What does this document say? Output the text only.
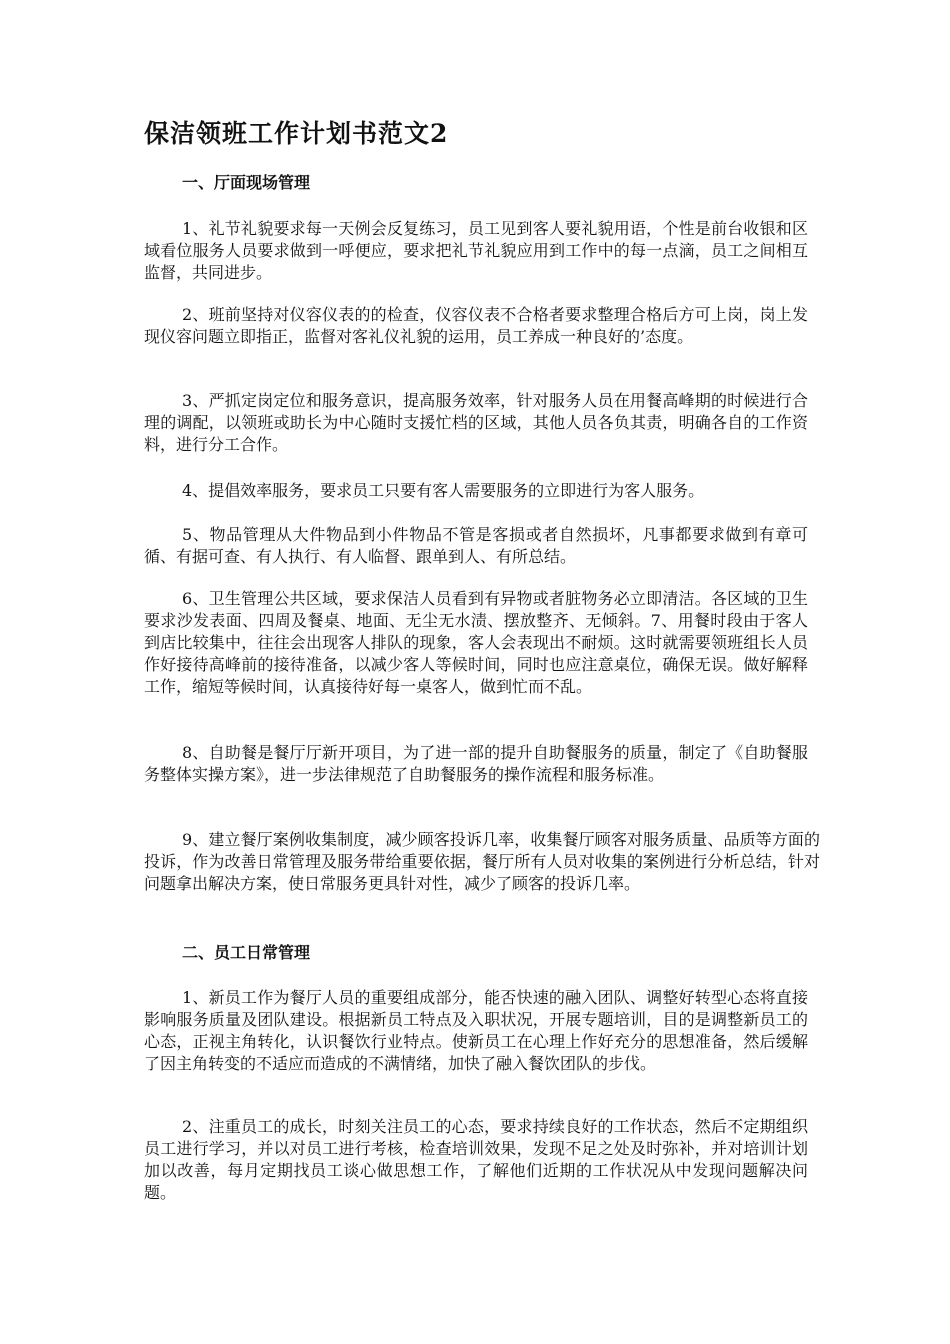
保洁领班工作计划书范文2
一、厅面现场管理

1、礼节礼貌要求每一天例会反复练习，员工见到客人要礼貌用语，个性是前台收银和区域看位服务人员要求做到一呼便应，要求把礼节礼貌应用到工作中的每一点滴，员工之间相互监督，共同进步。

2、班前坚持对仪容仪表的的检查，仪容仪表不合格者要求整理合格后方可上岗，岗上发现仪容问题立即指正，监督对客礼仪礼貌的运用，员工养成一种良好的’态度。

3、严抓定岗定位和服务意识，提高服务效率，针对服务人员在用餐高峰期的时候进行合理的调配，以领班或助长为中心随时支援忙档的区域，其他人员各负其责，明确各自的工作资料，进行分工合作。

4、提倡效率服务，要求员工只要有客人需要服务的立即进行为客人服务。

5、物品管理从大件物品到小件物品不管是客损或者自然损坏，凡事都要求做到有章可循、有据可查、有人执行、有人临督、跟单到人、有所总结。

6、卫生管理公共区域，要求保洁人员看到有异物或者脏物务必立即清洁。各区域的卫生要求沙发表面、四周及餐桌、地面、无尘无水渍、摆放整齐、无倾斜。7、用餐时段由于客人到店比较集中，往往会出现客人排队的现象，客人会表现出不耐烦。这时就需要领班组长人员作好接待高峰前的接待准备，以减少客人等候时间，同时也应注意桌位，确保无误。做好解释工作，缩短等候时间，认真接待好每一桌客人，做到忙而不乱。

8、自助餐是餐厅厅新开项目，为了进一部的提升自助餐服务的质量，制定了《自助餐服务整体实操方案》，进一步法律规范了自助餐服务的操作流程和服务标准。

9、建立餐厅案例收集制度，减少顾客投诉几率，收集餐厅顾客对服务质量、品质等方面的投诉，作为改善日常管理及服务带给重要依据，餐厅所有人员对收集的案例进行分析总结，针对问题拿出解决方案，使日常服务更具针对性，减少了顾客的投诉几率。

二、员工日常管理

1、新员工作为餐厅人员的重要组成部分，能否快速的融入团队、调整好转型心态将直接影响服务质量及团队建设。根据新员工特点及入职状况，开展专题培训，目的是调整新员工的心态，正视主角转化，认识餐饮行业特点。使新员工在心理上作好充分的思想准备，然后缓解了因主角转变的不适应而造成的不满情绪，加快了融入餐饮团队的步伐。

2、注重员工的成长，时刻关注员工的心态，要求持续良好的工作状态，然后不定期组织员工进行学习，并以对员工进行考核，检查培训效果，发现不足之处及时弥补，并对培训计划加以改善，每月定期找员工谈心做思想工作，了解他们近期的工作状况从中发现问题解决问题。
